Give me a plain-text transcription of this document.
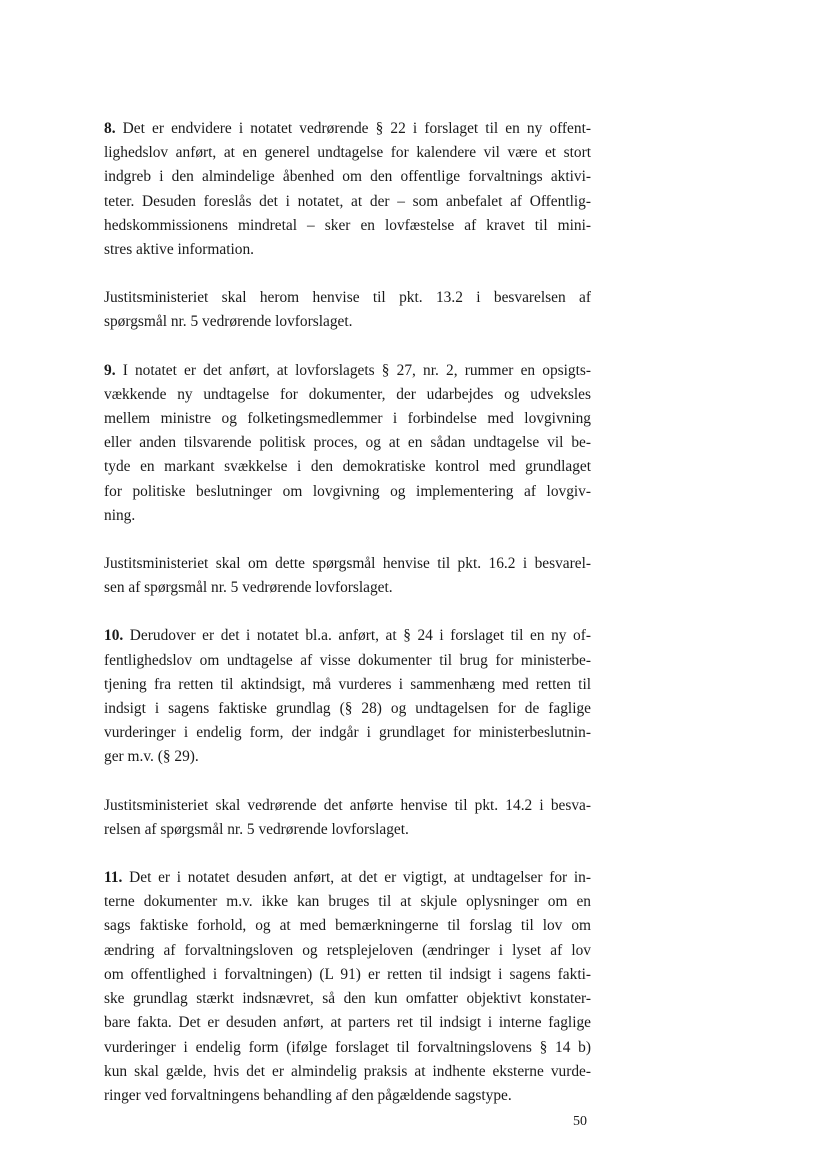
8. Det er endvidere i notatet vedrørende § 22 i forslaget til en ny offent-
lighedslov anført, at en generel undtagelse for kalendere vil være et stort
indgreb i den almindelige åbenhed om den offentlige forvaltnings aktivi-
teter. Desuden foreslås det i notatet, at der – som anbefalet af Offentlig-
hedskommissionens mindretal – sker en lovfæstelse af kravet til mini-
stres aktive information.

Justitsministeriet skal herom henvise til pkt. 13.2 i besvarelsen af
spørgsmål nr. 5 vedrørende lovforslaget.

9. I notatet er det anført, at lovforslagets § 27, nr. 2, rummer en opsigts-
vækkende ny undtagelse for dokumenter, der udarbejdes og udveksles
mellem ministre og folketingsmedlemmer i forbindelse med lovgivning
eller anden tilsvarende politisk proces, og at en sådan undtagelse vil be-
tyde en markant svækkelse i den demokratiske kontrol med grundlaget
for politiske beslutninger om lovgivning og implementering af lovgiv-
ning.

Justitsministeriet skal om dette spørgsmål henvise til pkt. 16.2 i besvarel-
sen af spørgsmål nr. 5 vedrørende lovforslaget.

10. Derudover er det i notatet bl.a. anført, at § 24 i forslaget til en ny of-
fentlighedslov om undtagelse af visse dokumenter til brug for ministerbe-
tjening fra retten til aktindsigt, må vurderes i sammenhæng med retten til
indsigt i sagens faktiske grundlag (§ 28) og undtagelsen for de faglige
vurderinger i endelig form, der indgår i grundlaget for ministerbeslutnin-
ger m.v. (§ 29).

Justitsministeriet skal vedrørende det anførte henvise til pkt. 14.2 i besva-
relsen af spørgsmål nr. 5 vedrørende lovforslaget.

11. Det er i notatet desuden anført, at det er vigtigt, at undtagelser for in-
terne dokumenter m.v. ikke kan bruges til at skjule oplysninger om en
sags faktiske forhold, og at med bemærkningerne til forslag til lov om
ændring af forvaltningsloven og retsplejeloven (ændringer i lyset af lov
om offentlighed i forvaltningen) (L 91) er retten til indsigt i sagens fakti-
ske grundlag stærkt indsnævret, så den kun omfatter objektivt konstater-
bare fakta. Det er desuden anført, at parters ret til indsigt i interne faglige
vurderinger i endelig form (ifølge forslaget til forvaltningslovens § 14 b)
kun skal gælde, hvis det er almindelig praksis at indhente eksterne vurde-
ringer ved forvaltningens behandling af den pågældende sagstype.

50
